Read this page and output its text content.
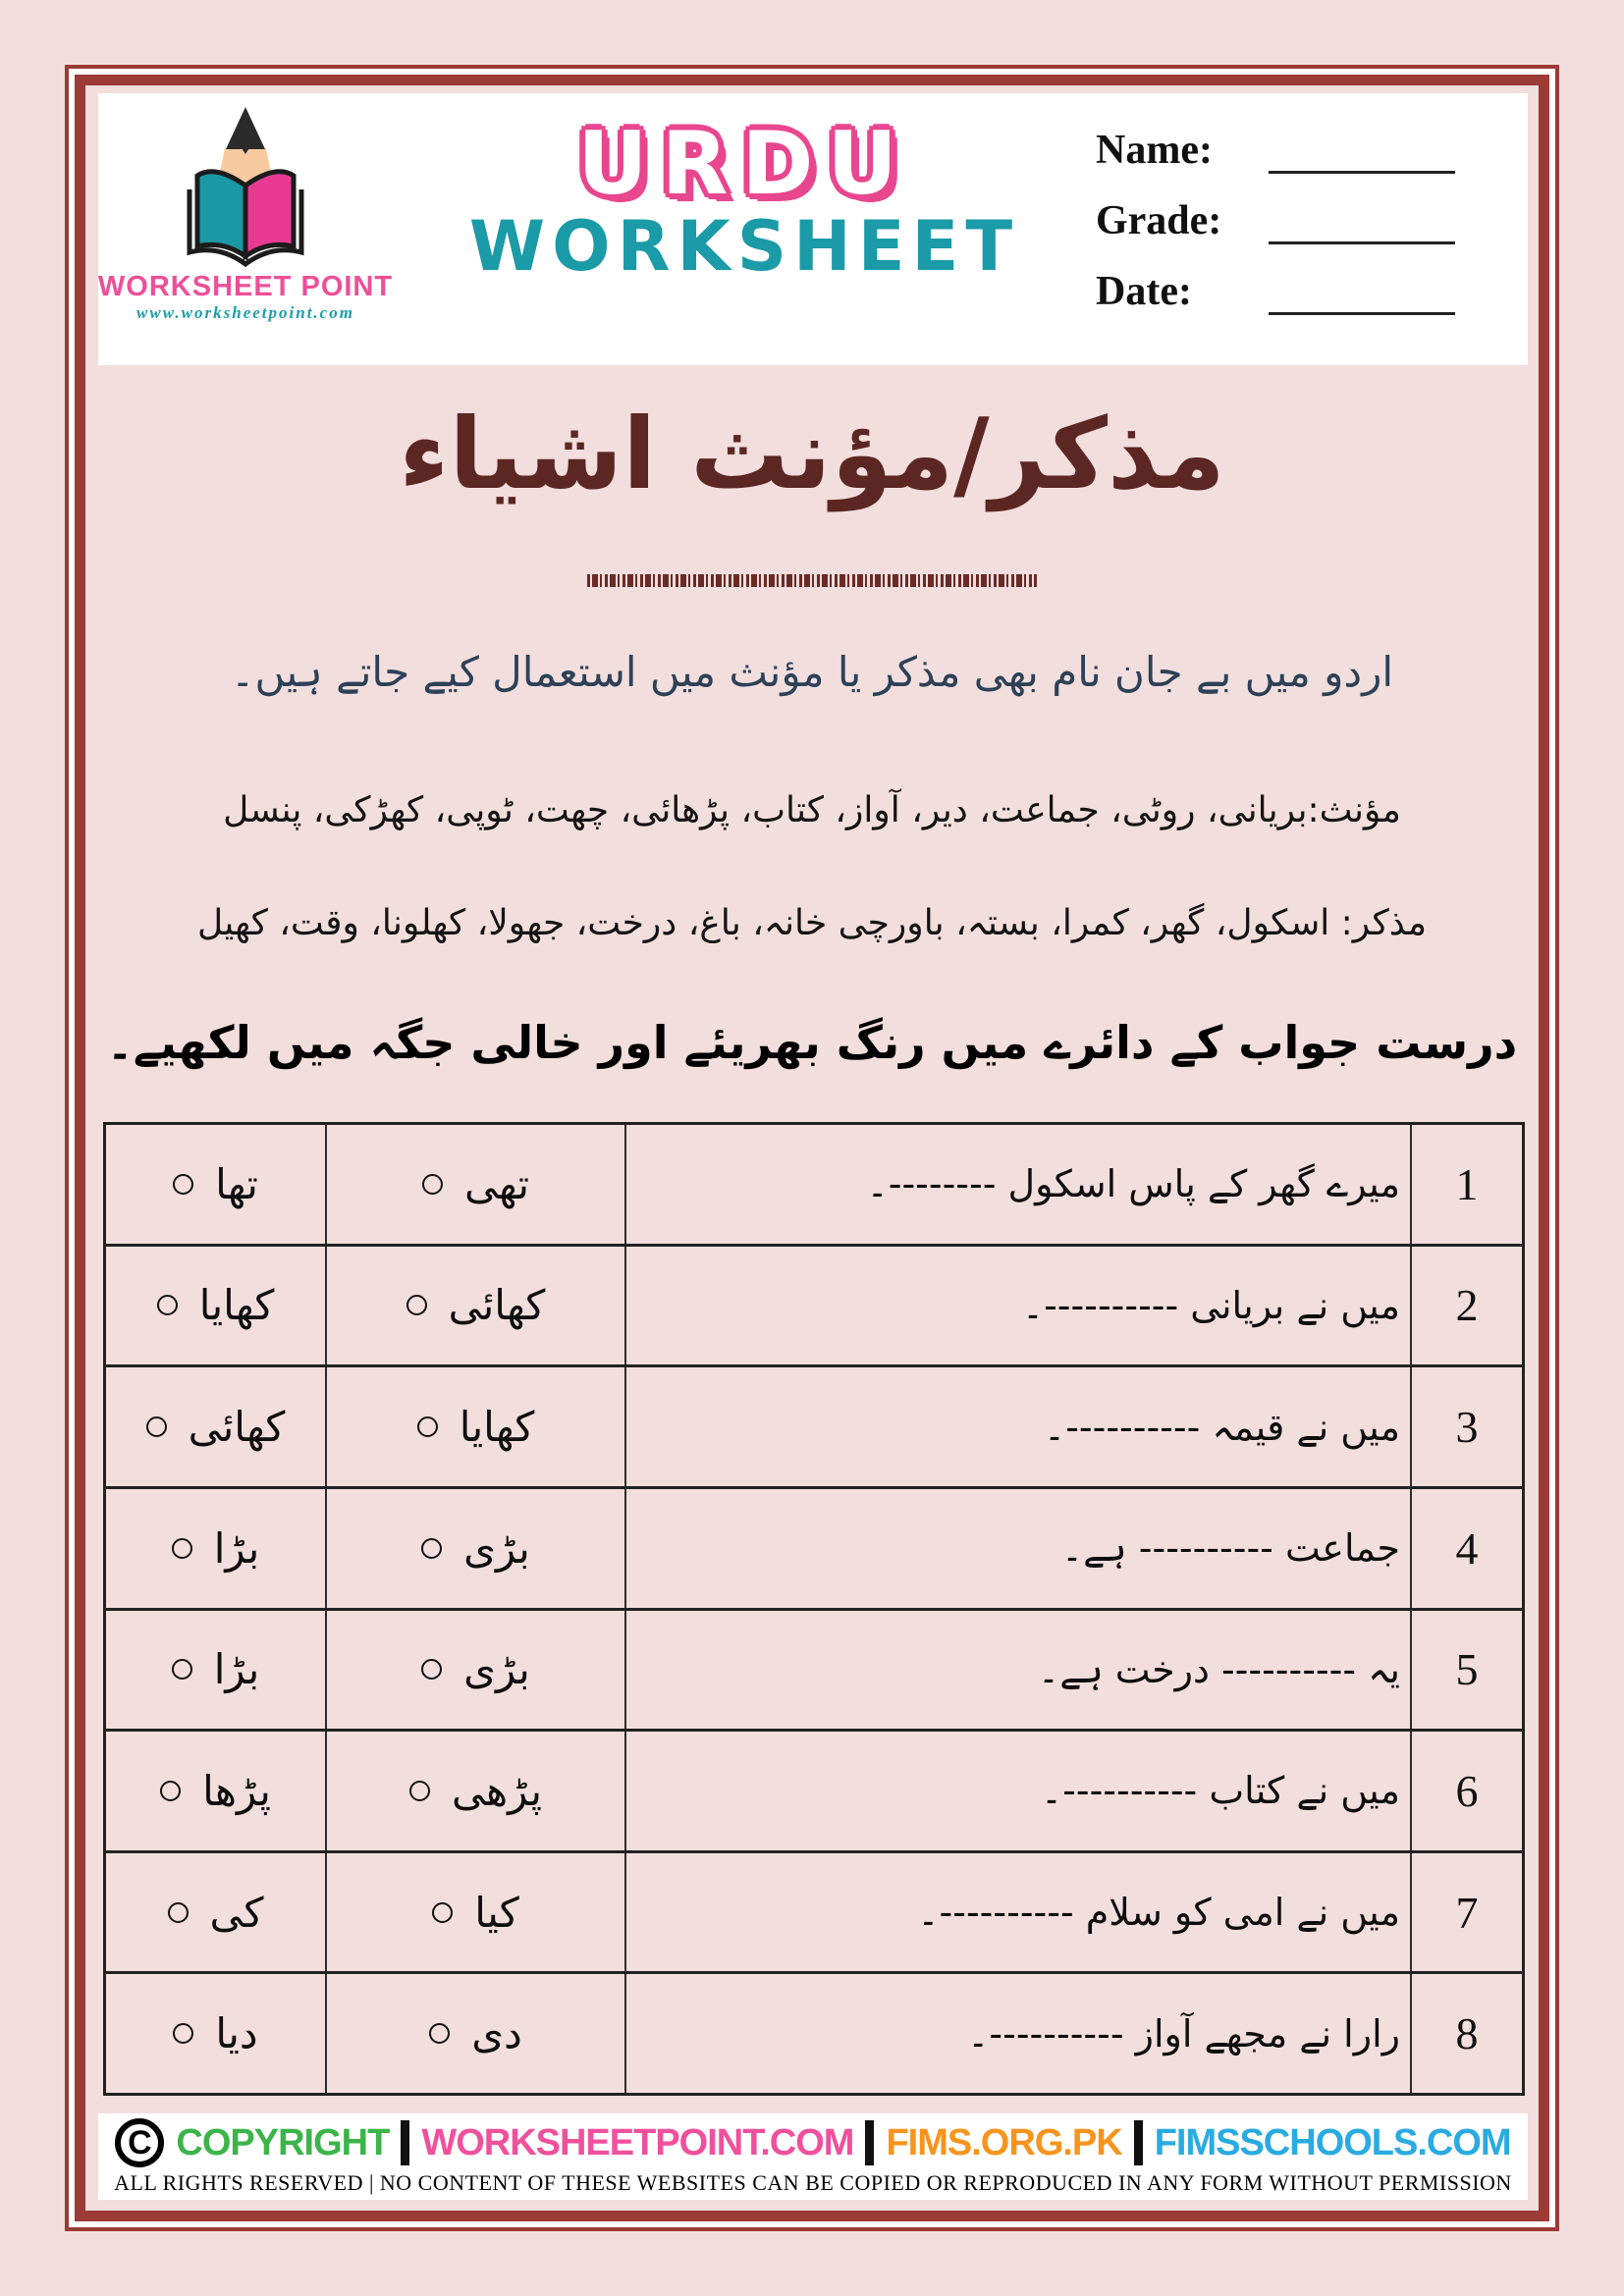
WORKSHEET POINT
www.worksheetpoint.com
URDU
WORKSHEET
Name:
Grade:
Date:
مذکر/مؤنث اشیاء
اردو میں بے جان نام بھی مذکر یا مؤنث میں استعمال کیے جاتے ہیں۔
مؤنث:بریانی، روٹی، جماعت، دیر، آواز، کتاب، پڑھائی، چھت، ٹوپی، کھڑکی، پنسل
مذکر: اسکول، گھر، کمرا، بستہ، باورچی خانہ، باغ، درخت، جھولا، کھلونا، وقت، کھیل
درست جواب کے دائرے میں رنگ بھریئے اور خالی جگہ میں لکھیے۔
1
میرے گھر کے پاس اسکول --------۔
تھی
تھا
2
میں نے بریانی ----------۔
کھائی
کھایا
3
میں نے قیمہ ----------۔
کھایا
کھائی
4
جماعت ---------- ہے۔
بڑی
بڑا
5
یہ ---------- درخت ہے۔
بڑی
بڑا
6
میں نے کتاب ----------۔
پڑھی
پڑھا
7
میں نے امی کو سلام ----------۔
کیا
کی
8
رارا نے مجھے آواز ----------۔
دی
دیا
C COPYRIGHT WORKSHEETPOINT.COM FIMS.ORG.PK FIMSSCHOOLS.COM
ALL RIGHTS RESERVED | NO CONTENT OF THESE WEBSITES CAN BE COPIED OR REPRODUCED IN ANY FORM WITHOUT PERMISSION
